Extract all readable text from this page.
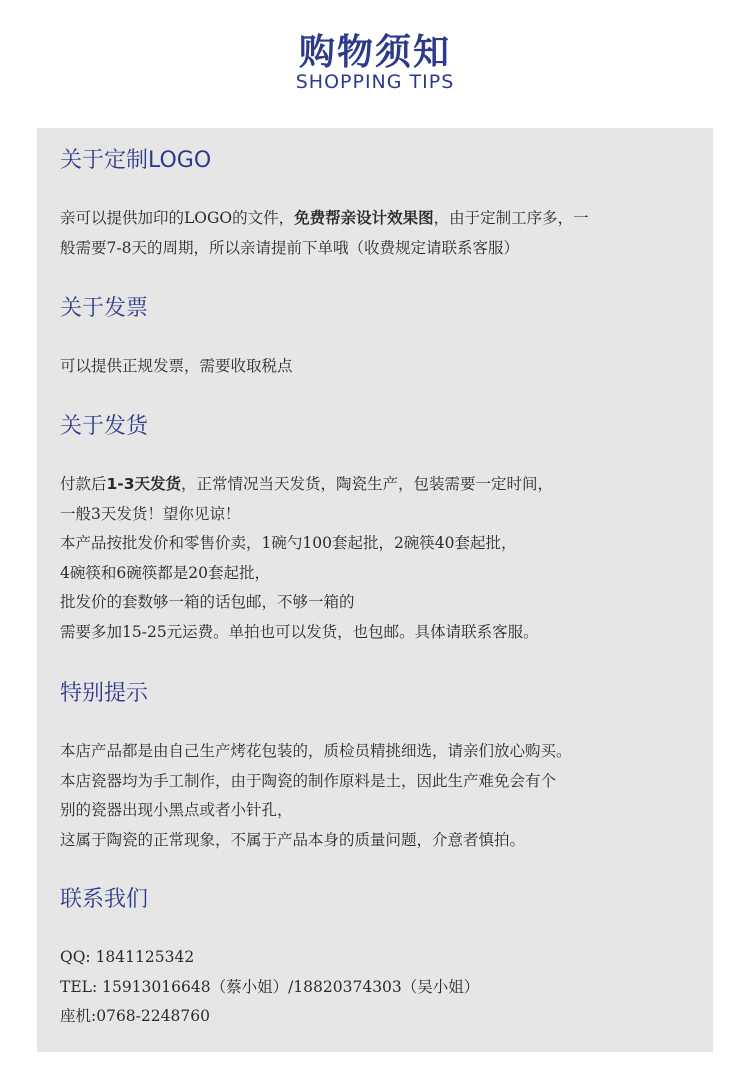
购物须知
SHOPPING TIPS
关于定制LOGO
亲可以提供加印的LOGO的文件，免费帮亲设计效果图，由于定制工序多，一
般需要7-8天的周期，所以亲请提前下单哦（收费规定请联系客服）
关于发票
可以提供正规发票，需要收取税点
关于发货
付款后1-3天发货，正常情况当天发货，陶瓷生产，包装需要一定时间，
一般3天发货！望你见谅！
本产品按批发价和零售价卖，1碗勺100套起批，2碗筷40套起批，
4碗筷和6碗筷都是20套起批，
批发价的套数够一箱的话包邮，不够一箱的
需要多加15-25元运费。单拍也可以发货，也包邮。具体请联系客服。
特别提示
本店产品都是由自己生产烤花包装的，质检员精挑细选，请亲们放心购买。
本店瓷器均为手工制作，由于陶瓷的制作原料是土，因此生产难免会有个
别的瓷器出现小黑点或者小针孔，
这属于陶瓷的正常现象，不属于产品本身的质量问题，介意者慎拍。
联系我们
QQ: 1841125342
TEL: 15913016648（蔡小姐）/18820374303（吴小姐）
座机:0768-2248760
